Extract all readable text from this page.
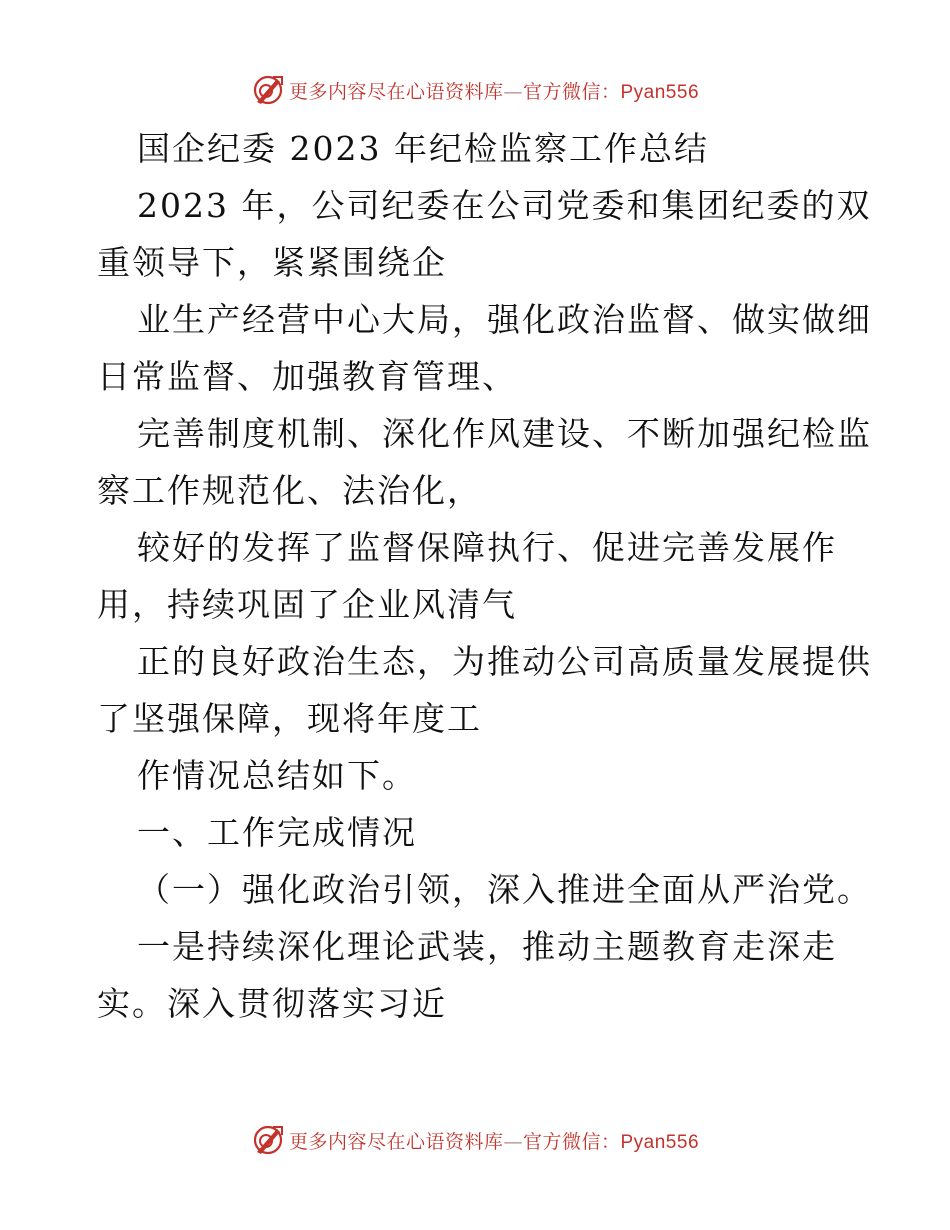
更多内容尽在心语资料库—官方微信：Pyan556

国企纪委 2023 年纪检监察工作总结

2023 年，公司纪委在公司党委和集团纪委的双

重领导下，紧紧围绕企

业生产经营中心大局，强化政治监督、做实做细

日常监督、加强教育管理、

完善制度机制、深化作风建设、不断加强纪检监

察工作规范化、法治化，

较好的发挥了监督保障执行、促进完善发展作

用，持续巩固了企业风清气

正的良好政治生态，为推动公司高质量发展提供

了坚强保障，现将年度工

作情况总结如下。

一、工作完成情况

（一）强化政治引领，深入推进全面从严治党。

一是持续深化理论武装，推动主题教育走深走

实。深入贯彻落实习近

更多内容尽在心语资料库—官方微信：Pyan556
